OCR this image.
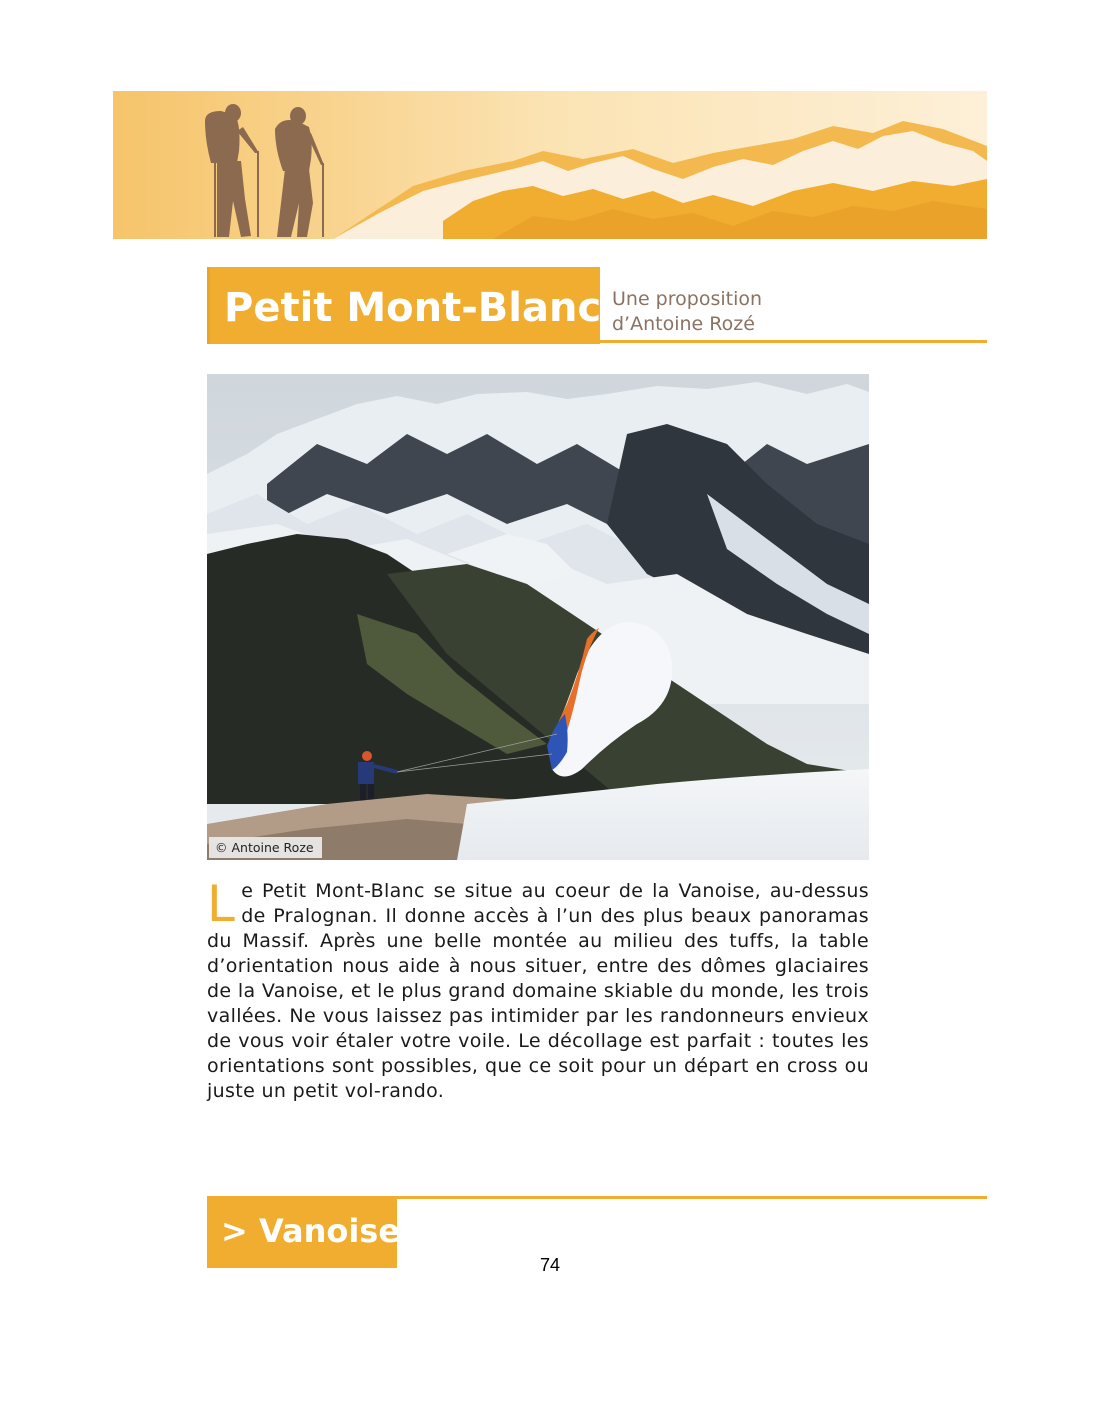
Petit Mont-Blanc Une proposition
d’Antoine Rozé
© Antoine Roze
L e Petit Mont-Blanc se situe au coeur de la Vanoise, au-dessus de Pralognan. Il donne accès à l’un des plus beaux panoramas du Massif. Après une belle montée au milieu des tuffs, la table d’orientation nous aide à nous situer, entre des dômes glaciaires de la Vanoise, et le plus grand domaine skiable du monde, les trois vallées. Ne vous laissez pas intimider par les randonneurs envieux de vous voir étaler votre voile. Le décollage est parfait : toutes les orientations sont possibles, que ce soit pour un départ en cross ou juste un petit vol-rando.
> Vanoise
74
